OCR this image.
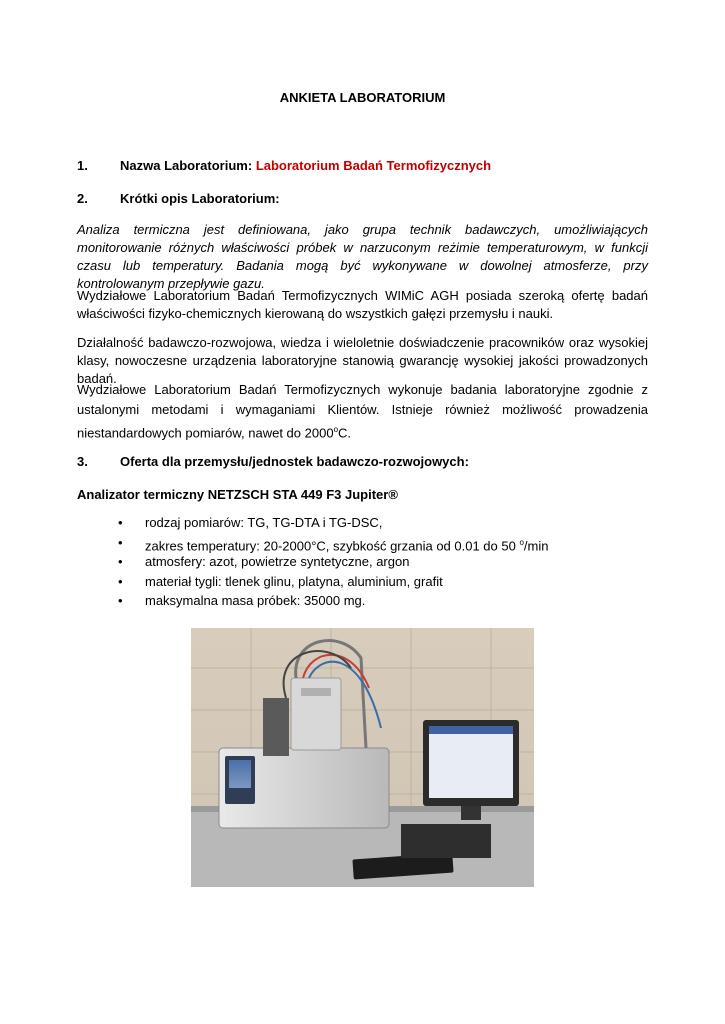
ANKIETA LABORATORIUM
1. Nazwa Laboratorium: Laboratorium Badań Termofizycznych
2. Krótki opis Laboratorium:
Analiza termiczna jest definiowana, jako grupa technik badawczych, umożliwiających monitorowanie różnych właściwości próbek w narzuconym reżimie temperaturowym, w funkcji czasu lub temperatury. Badania mogą być wykonywane w dowolnej atmosferze, przy kontrolowanym przepływie gazu.
Wydziałowe Laboratorium Badań Termofizycznych WIMiC AGH posiada szeroką ofertę badań właściwości fizyko-chemicznych kierowaną do wszystkich gałęzi przemysłu i nauki.
Działalność badawczo-rozwojowa, wiedza i wieloletnie doświadczenie pracowników oraz wysokiej klasy, nowoczesne urządzenia laboratoryjne stanowią gwarancję wysokiej jakości prowadzonych badań.
Wydziałowe Laboratorium Badań Termofizycznych wykonuje badania laboratoryjne zgodnie z ustalonymi metodami i wymaganiami Klientów. Istnieje również możliwość prowadzenia niestandardowych pomiarów, nawet do 2000$^o$C.
3. Oferta dla przemysłu/jednostek badawczo-rozwojowych:
Analizator termiczny NETZSCH STA 449 F3 Jupiter®
• rodzaj pomiarów: TG, TG-DTA i TG-DSC,
• zakres temperatury: 20-2000°C, szybkość grzania od 0.01 do 50 $^o$/min
• atmosfery: azot, powietrze syntetyczne, argon
• materiał tygli: tlenek glinu, platyna, aluminium, grafit
• maksymalna masa próbek: 35000 mg.
